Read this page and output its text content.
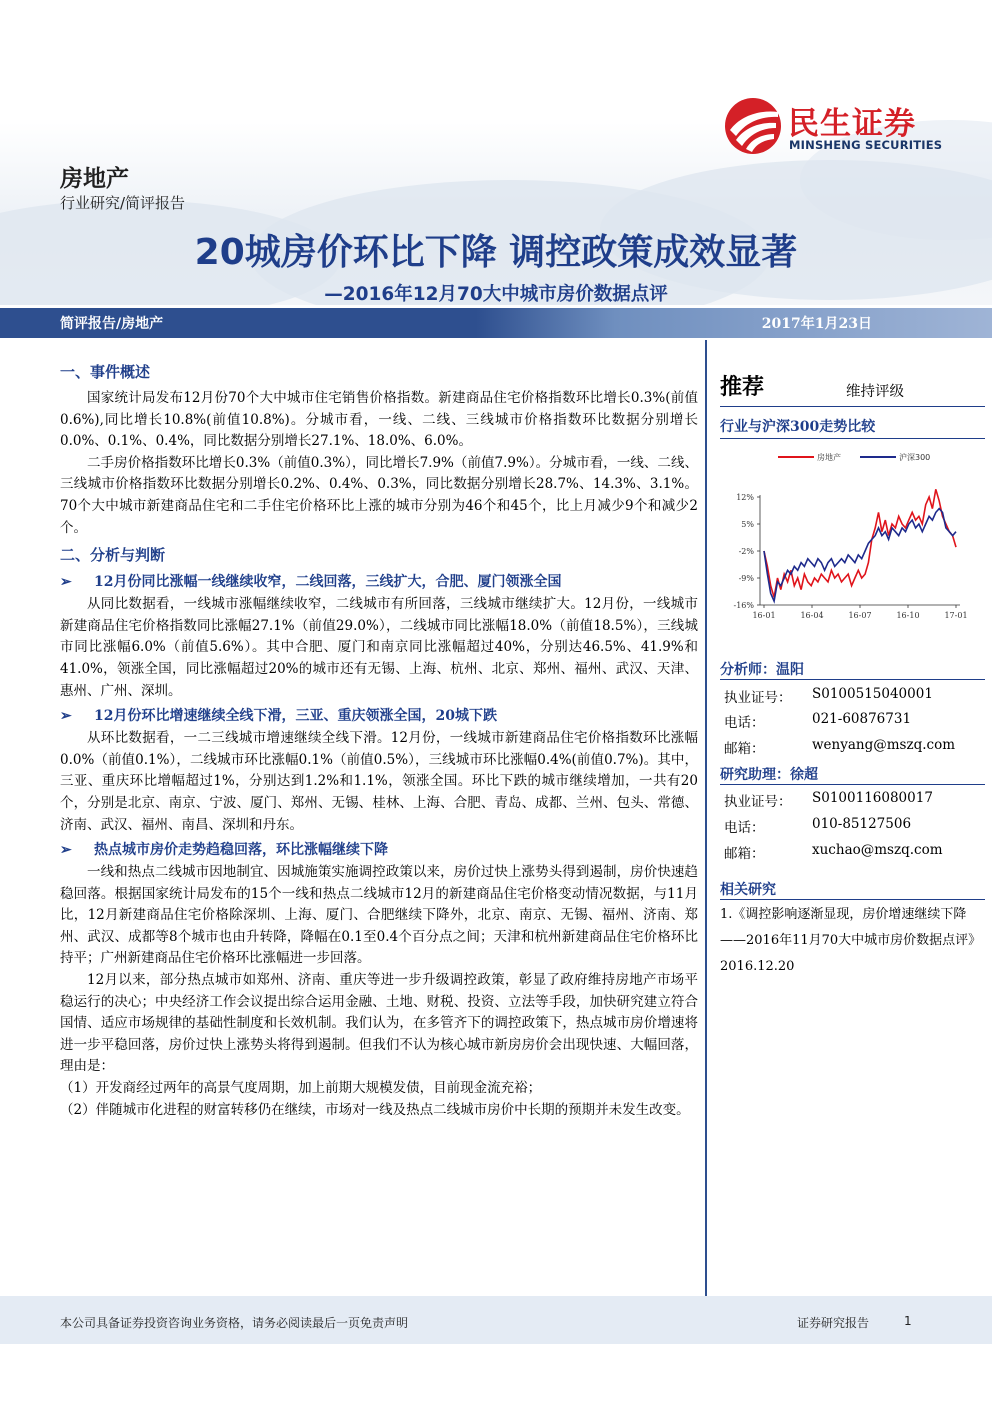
民生证券
MINSHENG SECURITIES
房地产
行业研究/简评报告
20城房价环比下降 调控政策成效显著
—2016年12月70大中城市房价数据点评
简评报告/房地产	2017年1月23日
一、事件概述

国家统计局发布12月份70个大中城市住宅销售价格指数。新建商品住宅价格指数环比增长0.3%(前值0.6%),同比增长10.8%(前值10.8%)。分城市看，一线、二线、三线城市价格指数环比数据分别增长0.0%、0.1%、0.4%，同比数据分别增长27.1%、18.0%、6.0%。

二手房价格指数环比增长0.3%（前值0.3%），同比增长7.9%（前值7.9%）。分城市看，一线、二线、三线城市价格指数环比数据分别增长0.2%、0.4%、0.3%，同比数据分别增长28.7%、14.3%、3.1%。70个大中城市新建商品住宅和二手住宅价格环比上涨的城市分别为46个和45个，比上月减少9个和减少2个。

二、分析与判断
➢ 12月份同比涨幅一线继续收窄，二线回落，三线扩大，合肥、厦门领涨全国

从同比数据看，一线城市涨幅继续收窄，二线城市有所回落，三线城市继续扩大。12月份，一线城市新建商品住宅价格指数同比涨幅27.1%（前值29.0%），二线城市同比涨幅18.0%（前值18.5%），三线城市同比涨幅6.0%（前值5.6%）。其中合肥、厦门和南京同比涨幅超过40%，分别达46.5%、41.9%和41.0%，领涨全国，同比涨幅超过20%的城市还有无锡、上海、杭州、北京、郑州、福州、武汉、天津、惠州、广州、深圳。

➢ 12月份环比增速继续全线下滑，三亚、重庆领涨全国，20城下跌

从环比数据看，一二三线城市增速继续全线下滑。12月份，一线城市新建商品住宅价格指数环比涨幅0.0%（前值0.1%），二线城市环比涨幅0.1%（前值0.5%），三线城市环比涨幅0.4%(前值0.7%)。其中，三亚、重庆环比增幅超过1%，分别达到1.2%和1.1%，领涨全国。环比下跌的城市继续增加，一共有20个，分别是北京、南京、宁波、厦门、郑州、无锡、桂林、上海、合肥、青岛、成都、兰州、包头、常德、济南、武汉、福州、南昌、深圳和丹东。

➢ 热点城市房价走势趋稳回落，环比涨幅继续下降

一线和热点二线城市因地制宜、因城施策实施调控政策以来，房价过快上涨势头得到遏制，房价快速趋稳回落。根据国家统计局发布的15个一线和热点二线城市12月的新建商品住宅价格变动情况数据，与11月比，12月新建商品住宅价格除深圳、上海、厦门、合肥继续下降外，北京、南京、无锡、福州、济南、郑州、武汉、成都等8个城市也由升转降，降幅在0.1至0.4个百分点之间；天津和杭州新建商品住宅价格环比持平；广州新建商品住宅价格环比涨幅进一步回落。

12月以来，部分热点城市如郑州、济南、重庆等进一步升级调控政策，彰显了政府维持房地产市场平稳运行的决心；中央经济工作会议提出综合运用金融、土地、财税、投资、立法等手段，加快研究建立符合国情、适应市场规律的基础性制度和长效机制。我们认为，在多管齐下的调控政策下，热点城市房价增速将进一步平稳回落，房价过快上涨势头将得到遏制。但我们不认为核心城市新房房价会出现快速、大幅回落，理由是：

（1）开发商经过两年的高景气度周期，加上前期大规模发债，目前现金流充裕；

（2）伴随城市化进程的财富转移仍在继续，市场对一线及热点二线城市房价中长期的预期并未发生改变。

推荐	维持评级
行业与沪深300走势比较
分析师：温阳
执业证号： S0100515040001
电话：	021-60876731
邮箱：	wenyang@mszq.com
研究助理：徐超
执业证号： S0100116080017
电话：	010-85127506
邮箱：	xuchao@mszq.com
相关研究
1.《调控影响逐渐显现，房价增速继续下降——2016年11月70大中城市房价数据点评》2016.12.20
房地产	沪深300
12%
5%
-2%
-9%
-16%
16-01	16-04	16-07	16-10	17-01
本公司具备证券投资咨询业务资格，请务必阅读最后一页免责声明	证券研究报告	1
